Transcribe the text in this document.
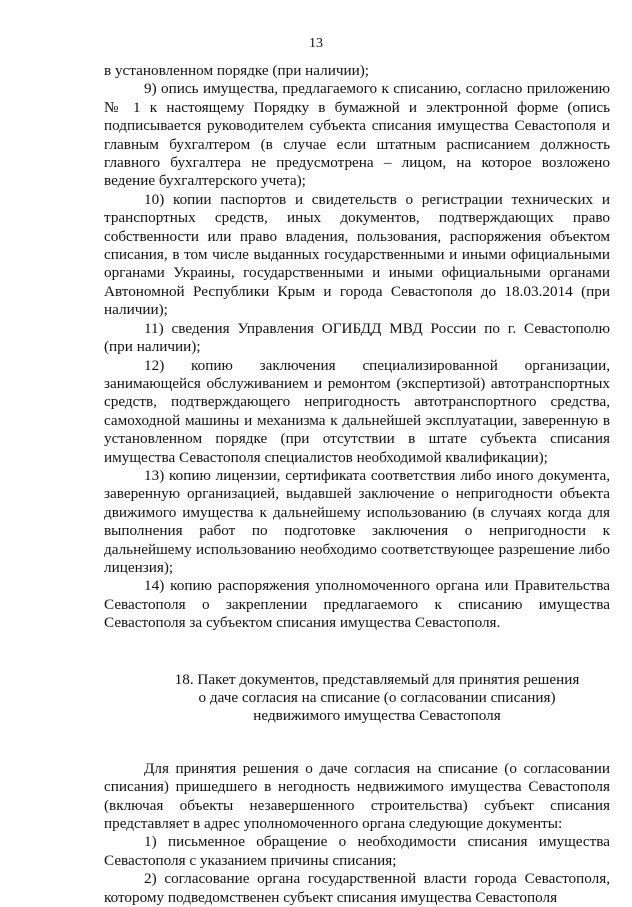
13

в установленном порядке (при наличии);

9) опись имущества, предлагаемого к списанию, согласно приложению № 1 к настоящему Порядку в бумажной и электронной форме (опись подписывается руководителем субъекта списания имущества Севастополя и главным бухгалтером (в случае если штатным расписанием должность главного бухгалтера не предусмотрена – лицом, на которое возложено ведение бухгалтерского учета);

10) копии паспортов и свидетельств о регистрации технических и транспортных средств, иных документов, подтверждающих право собственности или право владения, пользования, распоряжения объектом списания, в том числе выданных государственными и иными официальными органами Украины, государственными и иными официальными органами Автономной Республики Крым и города Севастополя до 18.03.2014 (при наличии);

11) сведения Управления ОГИБДД МВД России по г. Севастополю (при наличии);

12) копию заключения специализированной организации, занимающейся обслуживанием и ремонтом (экспертизой) автотранспортных средств, подтверждающего непригодность автотранспортного средства, самоходной машины и механизма к дальнейшей эксплуатации, заверенную в установленном порядке (при отсутствии в штате субъекта списания имущества Севастополя специалистов необходимой квалификации);

13) копию лицензии, сертификата соответствия либо иного документа, заверенную организацией, выдавшей заключение о непригодности объекта движимого имущества к дальнейшему использованию (в случаях когда для выполнения работ по подготовке заключения о непригодности к дальнейшему использованию необходимо соответствующее разрешение либо лицензия);

14) копию распоряжения уполномоченного органа или Правительства Севастополя о закреплении предлагаемого к списанию имущества Севастополя за субъектом списания имущества Севастополя.

18. Пакет документов, представляемый для принятия решения
о даче согласия на списание (о согласовании списания)
недвижимого имущества Севастополя

Для принятия решения о даче согласия на списание (о согласовании списания) пришедшего в негодность недвижимого имущества Севастополя (включая объекты незавершенного строительства) субъект списания представляет в адрес уполномоченного органа следующие документы:

1) письменное обращение о необходимости списания имущества Севастополя с указанием причины списания;

2) согласование органа государственной власти города Севастополя, которому подведомственен субъект списания имущества Севастополя
